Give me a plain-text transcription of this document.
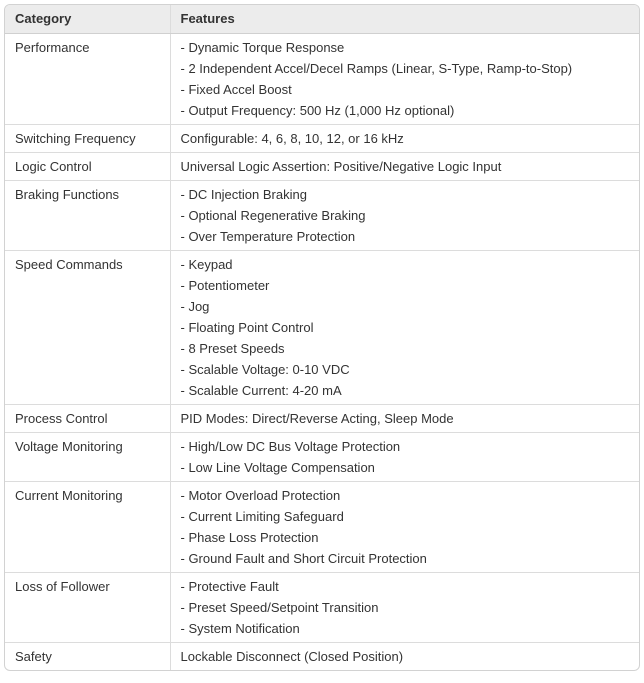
Category	Features
Performance	- Dynamic Torque Response
- 2 Independent Accel/Decel Ramps (Linear, S-Type, Ramp-to-Stop)
- Fixed Accel Boost
- Output Frequency: 500 Hz (1,000 Hz optional)

Switching Frequency	Configurable: 4, 6, 8, 10, 12, or 16 kHz

Logic Control	Universal Logic Assertion: Positive/Negative Logic Input

Braking Functions	- DC Injection Braking
- Optional Regenerative Braking
- Over Temperature Protection

Speed Commands	- Keypad
- Potentiometer
- Jog
- Floating Point Control
- 8 Preset Speeds
- Scalable Voltage: 0-10 VDC
- Scalable Current: 4-20 mA

Process Control	PID Modes: Direct/Reverse Acting, Sleep Mode

Voltage Monitoring	- High/Low DC Bus Voltage Protection
- Low Line Voltage Compensation

Current Monitoring	- Motor Overload Protection
- Current Limiting Safeguard
- Phase Loss Protection
- Ground Fault and Short Circuit Protection

Loss of Follower	- Protective Fault
- Preset Speed/Setpoint Transition
- System Notification

Safety	Lockable Disconnect (Closed Position)
